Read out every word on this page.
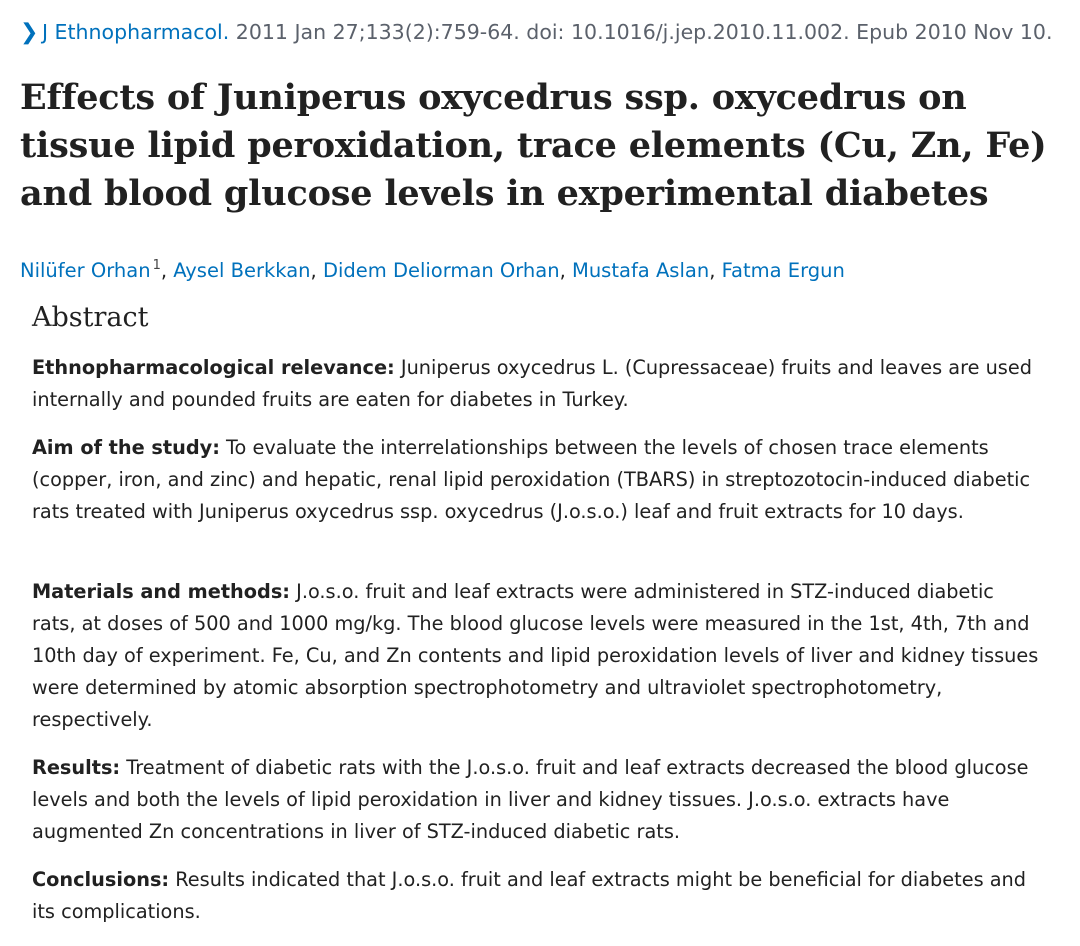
❯ J Ethnopharmacol. 2011 Jan 27;133(2):759-64. doi: 10.1016/j.jep.2010.11.002. Epub 2010 Nov 10.
Effects of Juniperus oxycedrus ssp. oxycedrus on tissue lipid peroxidation, trace elements (Cu, Zn, Fe) and blood glucose levels in experimental diabetes
Nilüfer Orhan $^1$, Aysel Berkkan, Didem Deliorman Orhan, Mustafa Aslan, Fatma Ergun
Abstract

Ethnopharmacological relevance: Juniperus oxycedrus L. (Cupressaceae) fruits and leaves are used internally and pounded fruits are eaten for diabetes in Turkey.

Aim of the study: To evaluate the interrelationships between the levels of chosen trace elements (copper, iron, and zinc) and hepatic, renal lipid peroxidation (TBARS) in streptozotocin-induced diabetic rats treated with Juniperus oxycedrus ssp. oxycedrus (J.o.s.o.) leaf and fruit extracts for 10 days.

Materials and methods: J.o.s.o. fruit and leaf extracts were administered in STZ-induced diabetic rats, at doses of 500 and 1000 mg/kg. The blood glucose levels were measured in the 1st, 4th, 7th and 10th day of experiment. Fe, Cu, and Zn contents and lipid peroxidation levels of liver and kidney tissues were determined by atomic absorption spectrophotometry and ultraviolet spectrophotometry, respectively.

Results: Treatment of diabetic rats with the J.o.s.o. fruit and leaf extracts decreased the blood glucose levels and both the levels of lipid peroxidation in liver and kidney tissues. J.o.s.o. extracts have augmented Zn concentrations in liver of STZ-induced diabetic rats.

Conclusions: Results indicated that J.o.s.o. fruit and leaf extracts might be beneficial for diabetes and its complications.
